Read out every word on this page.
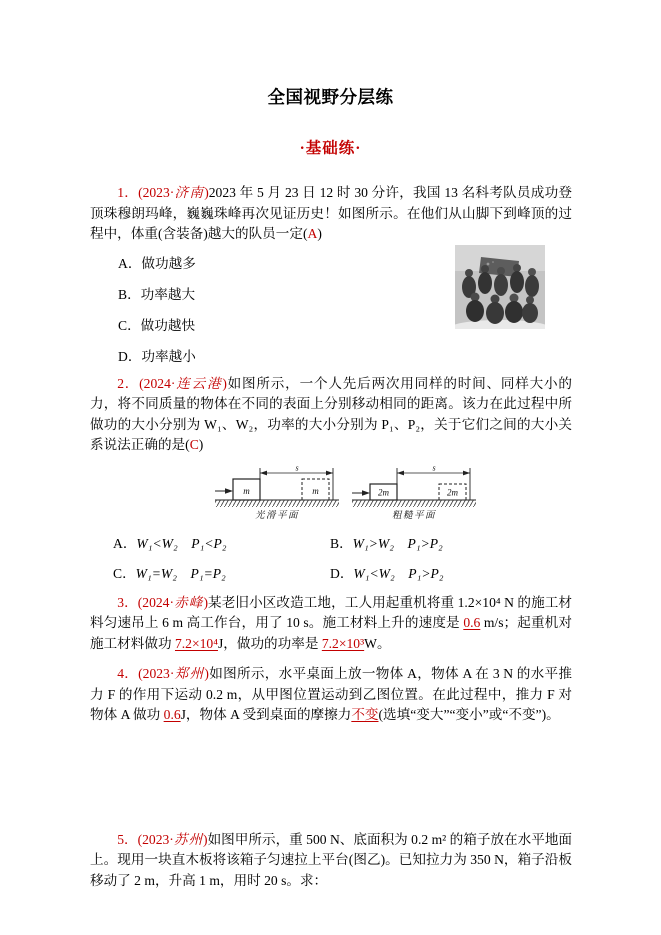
全国视野分层练
·基础练·

1．(2023·济南)2023 年 5 月 23 日 12 时 30 分许，我国 13 名科考队员成功登顶珠穆朗玛峰，巍巍珠峰再次见证历史！如图所示。在他们从山脚下到峰顶的过程中，体重(含装备)越大的队员一定(A)

A．做功越多
B．功率越大
C．做功越快
D．功率越小

2．(2024·连云港)如图所示，一个人先后两次用同样的时间、同样大小的力，将不同质量的物体在不同的表面上分别移动相同的距离。该力在此过程中所做功的大小分别为 W₁、W₂，功率的大小分别为 P₁、P₂，关于它们之间的大小关系说法正确的是(C)

m
s
m
光滑平面
2m
s
2m
粗糙平面
A．W₁<W₂　P₁<P₂	B．W₁>W₂　P₁>P₂
C．W₁=W₂　P₁=P₂	D．W₁<W₂　P₁>P₂

3．(2024·赤峰)某老旧小区改造工地，工人用起重机将重 1.2×10⁴ N 的施工材料匀速吊上 6 m 高工作台，用了 10 s。施工材料上升的速度是 0.6 m/s；起重机对施工材料做功 7.2×10⁴J，做功的功率是 7.2×10³W。

4．(2023·郑州)如图所示，水平桌面上放一物体 A，物体 A 在 3 N 的水平推力 F 的作用下运动 0.2 m，从甲图位置运动到乙图位置。在此过程中，推力 F 对物体 A 做功 0.6J，物体 A 受到桌面的摩擦力不变(选填“变大”“变小”或“不变”)。

5．(2023·苏州)如图甲所示，重 500 N、底面积为 0.2 m² 的箱子放在水平地面上。现用一块直木板将该箱子匀速拉上平台(图乙)。已知拉力为 350 N，箱子沿板移动了 2 m，升高 1 m，用时 20 s。求：
